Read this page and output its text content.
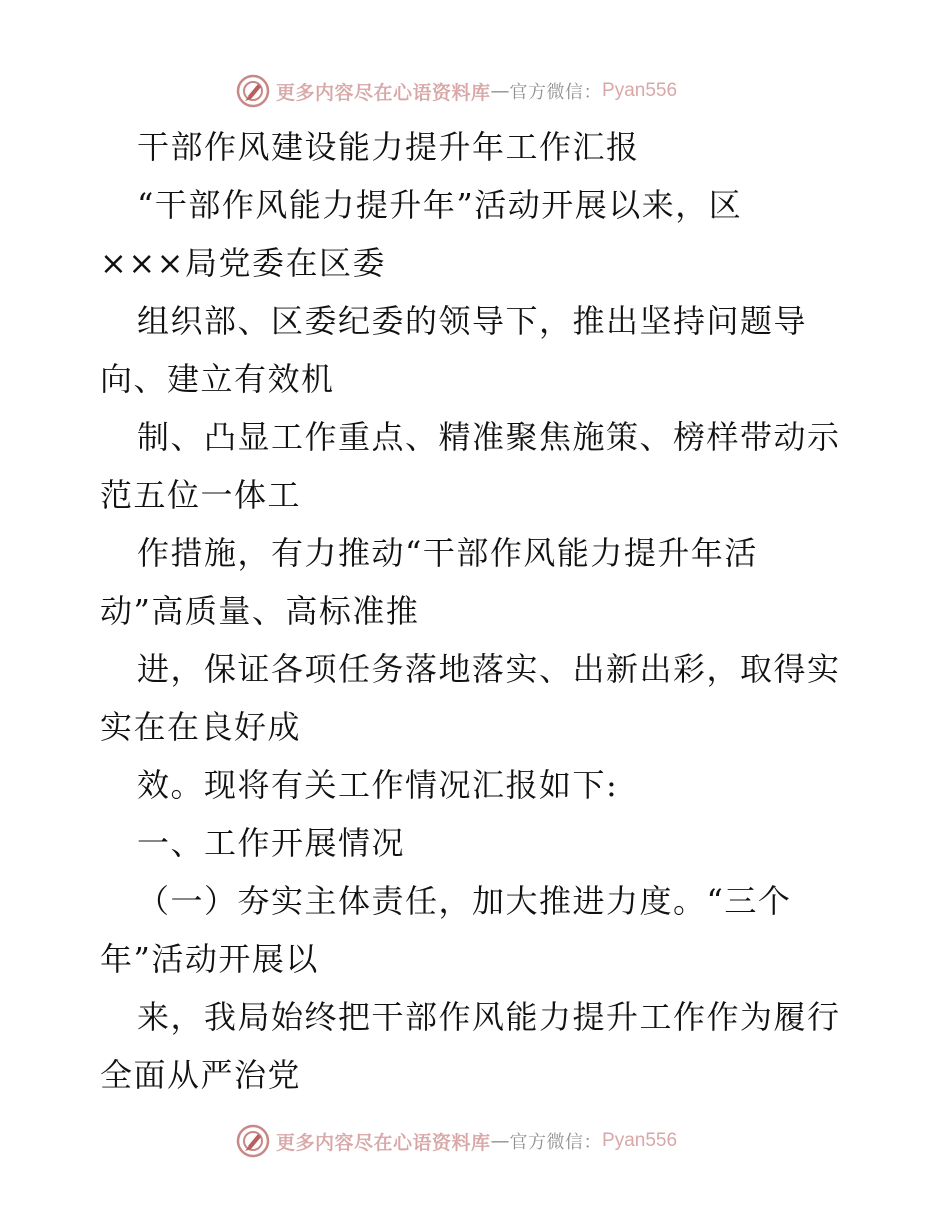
更多内容尽在心语资料库 — 官方微信： Pyan556
干部作风建设能力提升年工作汇报
“干部作风能力提升年”活动开展以来，区
×××局党委在区委
组织部、区委纪委的领导下，推出坚持问题导
向、建立有效机
制、凸显工作重点、精准聚焦施策、榜样带动示
范五位一体工
作措施，有力推动“干部作风能力提升年活
动”高质量、高标准推
进，保证各项任务落地落实、出新出彩，取得实
实在在良好成
效。现将有关工作情况汇报如下:
一、工作开展情况
（一）夯实主体责任，加大推进力度。“三个
年”活动开展以
来，我局始终把干部作风能力提升工作作为履行
全面从严治党
更多内容尽在心语资料库 — 官方微信： Pyan556
